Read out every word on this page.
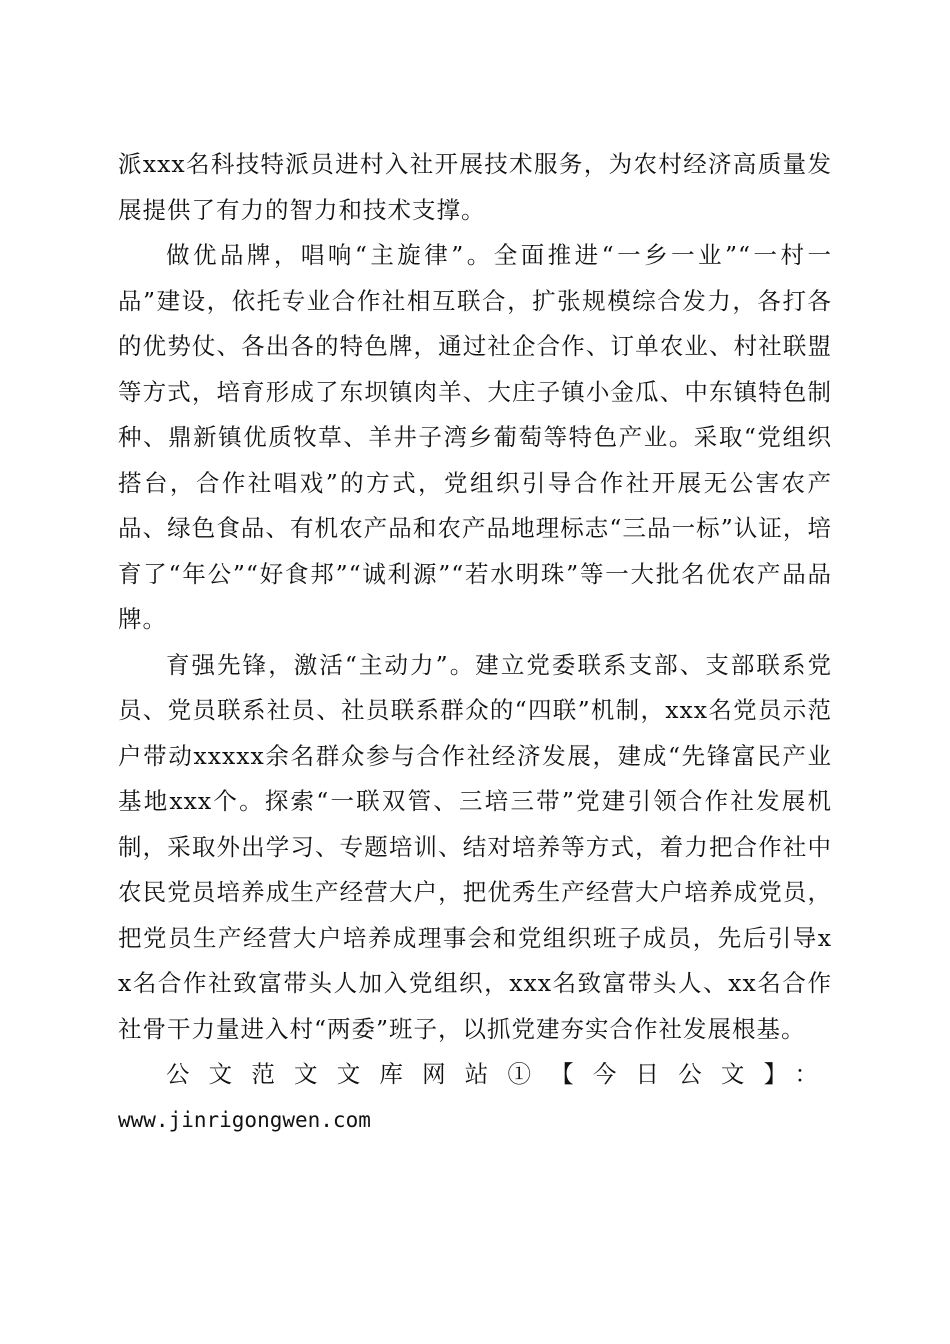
派xxx名科技特派员进村入社开展技术服务，为农村经济高质量发展提供了有力的智力和技术支撑。

做优品牌，唱响“主旋律”。全面推进“一乡一业”“一村一品”建设，依托专业合作社相互联合，扩张规模综合发力，各打各的优势仗、各出各的特色牌，通过社企合作、订单农业、村社联盟等方式，培育形成了东坝镇肉羊、大庄子镇小金瓜、中东镇特色制种、鼎新镇优质牧草、羊井子湾乡葡萄等特色产业。采取“党组织搭台，合作社唱戏”的方式，党组织引导合作社开展无公害农产品、绿色食品、有机农产品和农产品地理标志“三品一标”认证，培育了“年公”“好食邦”“诚利源”“若水明珠”等一大批名优农产品品牌。

育强先锋，激活“主动力”。建立党委联系支部、支部联系党员、党员联系社员、社员联系群众的“四联”机制，xxx名党员示范户带动xxxxx余名群众参与合作社经济发展，建成“先锋富民产业基地xxx个。探索“一联双管、三培三带”党建引领合作社发展机制，采取外出学习、专题培训、结对培养等方式，着力把合作社中农民党员培养成生产经营大户，把优秀生产经营大户培养成党员，把党员生产经营大户培养成理事会和党组织班子成员，先后引导xx名合作社致富带头人加入党组织，xxx名致富带头人、xx名合作社骨干力量进入村“两委”班子，以抓党建夯实合作社发展根基。

公文范文文库网站①【今日公文】：

www.jinrigongwen.com
